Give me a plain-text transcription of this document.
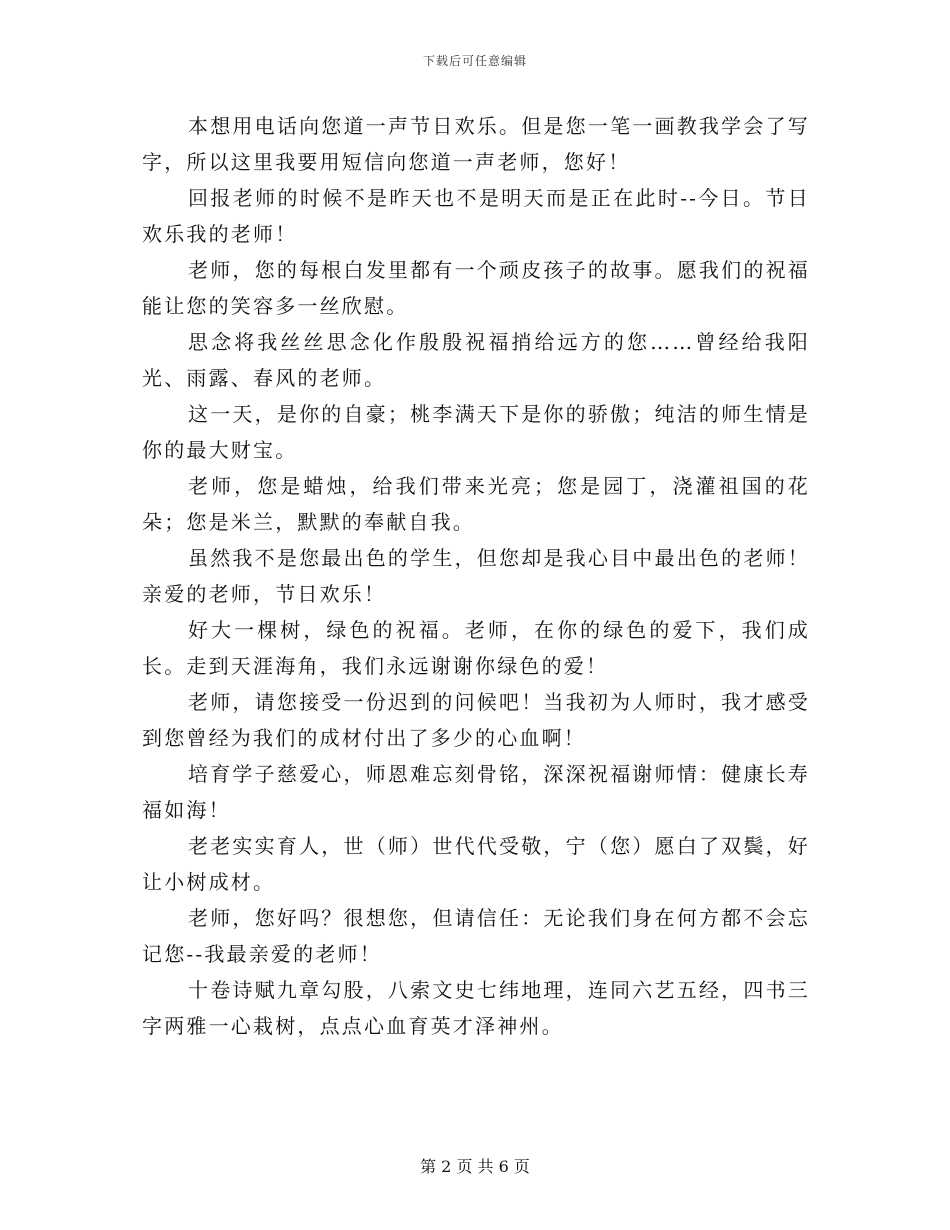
下载后可任意编辑

本想用电话向您道一声节日欢乐。但是您一笔一画教我学会了写字，所以这里我要用短信向您道一声老师，您好！

回报老师的时候不是昨天也不是明天而是正在此时--今日。节日欢乐我的老师！

老师，您的每根白发里都有一个顽皮孩子的故事。愿我们的祝福能让您的笑容多一丝欣慰。

思念将我丝丝思念化作殷殷祝福捎给远方的您……曾经给我阳光、雨露、春风的老师。

这一天，是你的自豪；桃李满天下是你的骄傲；纯洁的师生情是你的最大财宝。

老师，您是蜡烛，给我们带来光亮；您是园丁，浇灌祖国的花朵；您是米兰，默默的奉献自我。

虽然我不是您最出色的学生，但您却是我心目中最出色的老师！亲爱的老师，节日欢乐！

好大一棵树，绿色的祝福。老师，在你的绿色的爱下，我们成长。走到天涯海角，我们永远谢谢你绿色的爱！

老师，请您接受一份迟到的问候吧！当我初为人师时，我才感受到您曾经为我们的成材付出了多少的心血啊！

培育学子慈爱心，师恩难忘刻骨铭，深深祝福谢师情：健康长寿福如海！

老老实实育人，世（师）世代代受敬，宁（您）愿白了双鬓，好让小树成材。

老师，您好吗？很想您，但请信任：无论我们身在何方都不会忘记您--我最亲爱的老师！

十卷诗赋九章勾股，八索文史七纬地理，连同六艺五经，四书三字两雅一心栽树，点点心血育英才泽神州。

第 2 页 共 6 页
